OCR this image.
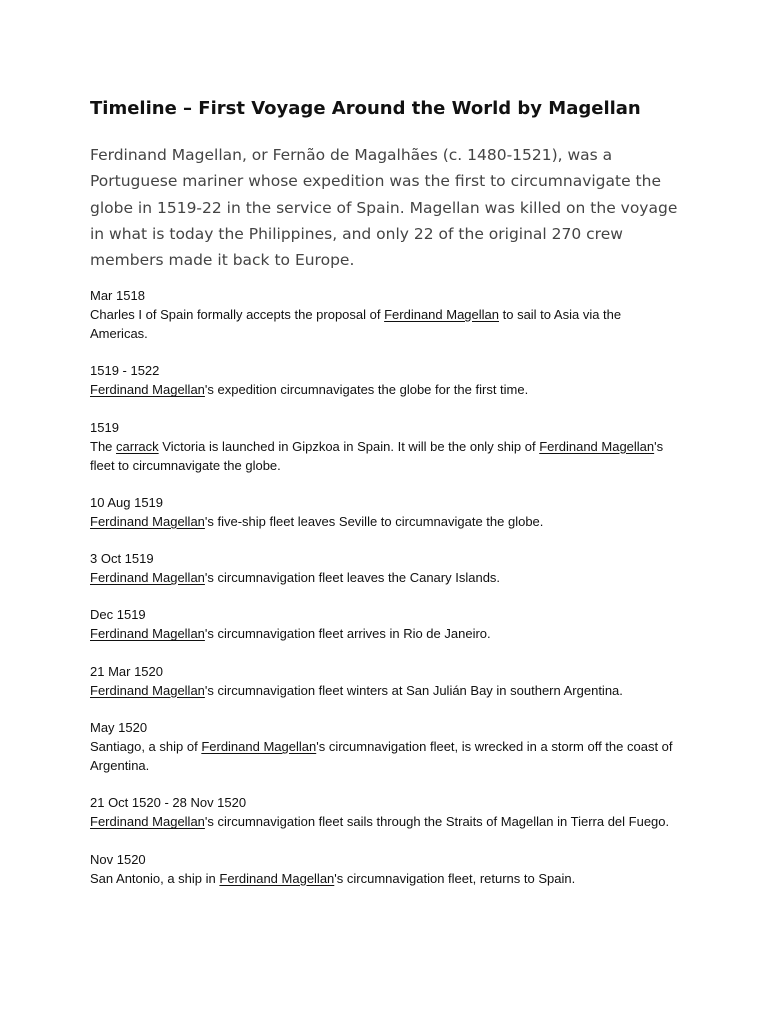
Timeline – First Voyage Around the World by Magellan

Ferdinand Magellan, or Fernão de Magalhães (c. 1480-1521), was a Portuguese mariner whose expedition was the first to circumnavigate the globe in 1519-22 in the service of Spain. Magellan was killed on the voyage in what is today the Philippines, and only 22 of the original 270 crew members made it back to Europe.

Mar 1518
Charles I of Spain formally accepts the proposal of Ferdinand Magellan to sail to Asia via the Americas.
1519 - 1522
Ferdinand Magellan's expedition circumnavigates the globe for the first time.
1519
The carrack Victoria is launched in Gipzkoa in Spain. It will be the only ship of Ferdinand Magellan's fleet to circumnavigate the globe.
10 Aug 1519
Ferdinand Magellan's five-ship fleet leaves Seville to circumnavigate the globe.
3 Oct 1519
Ferdinand Magellan's circumnavigation fleet leaves the Canary Islands.
Dec 1519
Ferdinand Magellan's circumnavigation fleet arrives in Rio de Janeiro.
21 Mar 1520
Ferdinand Magellan's circumnavigation fleet winters at San Julián Bay in southern Argentina.
May 1520
Santiago, a ship of Ferdinand Magellan's circumnavigation fleet, is wrecked in a storm off the coast of Argentina.
21 Oct 1520 - 28 Nov 1520
Ferdinand Magellan's circumnavigation fleet sails through the Straits of Magellan in Tierra del Fuego.
Nov 1520
San Antonio, a ship in Ferdinand Magellan's circumnavigation fleet, returns to Spain.
